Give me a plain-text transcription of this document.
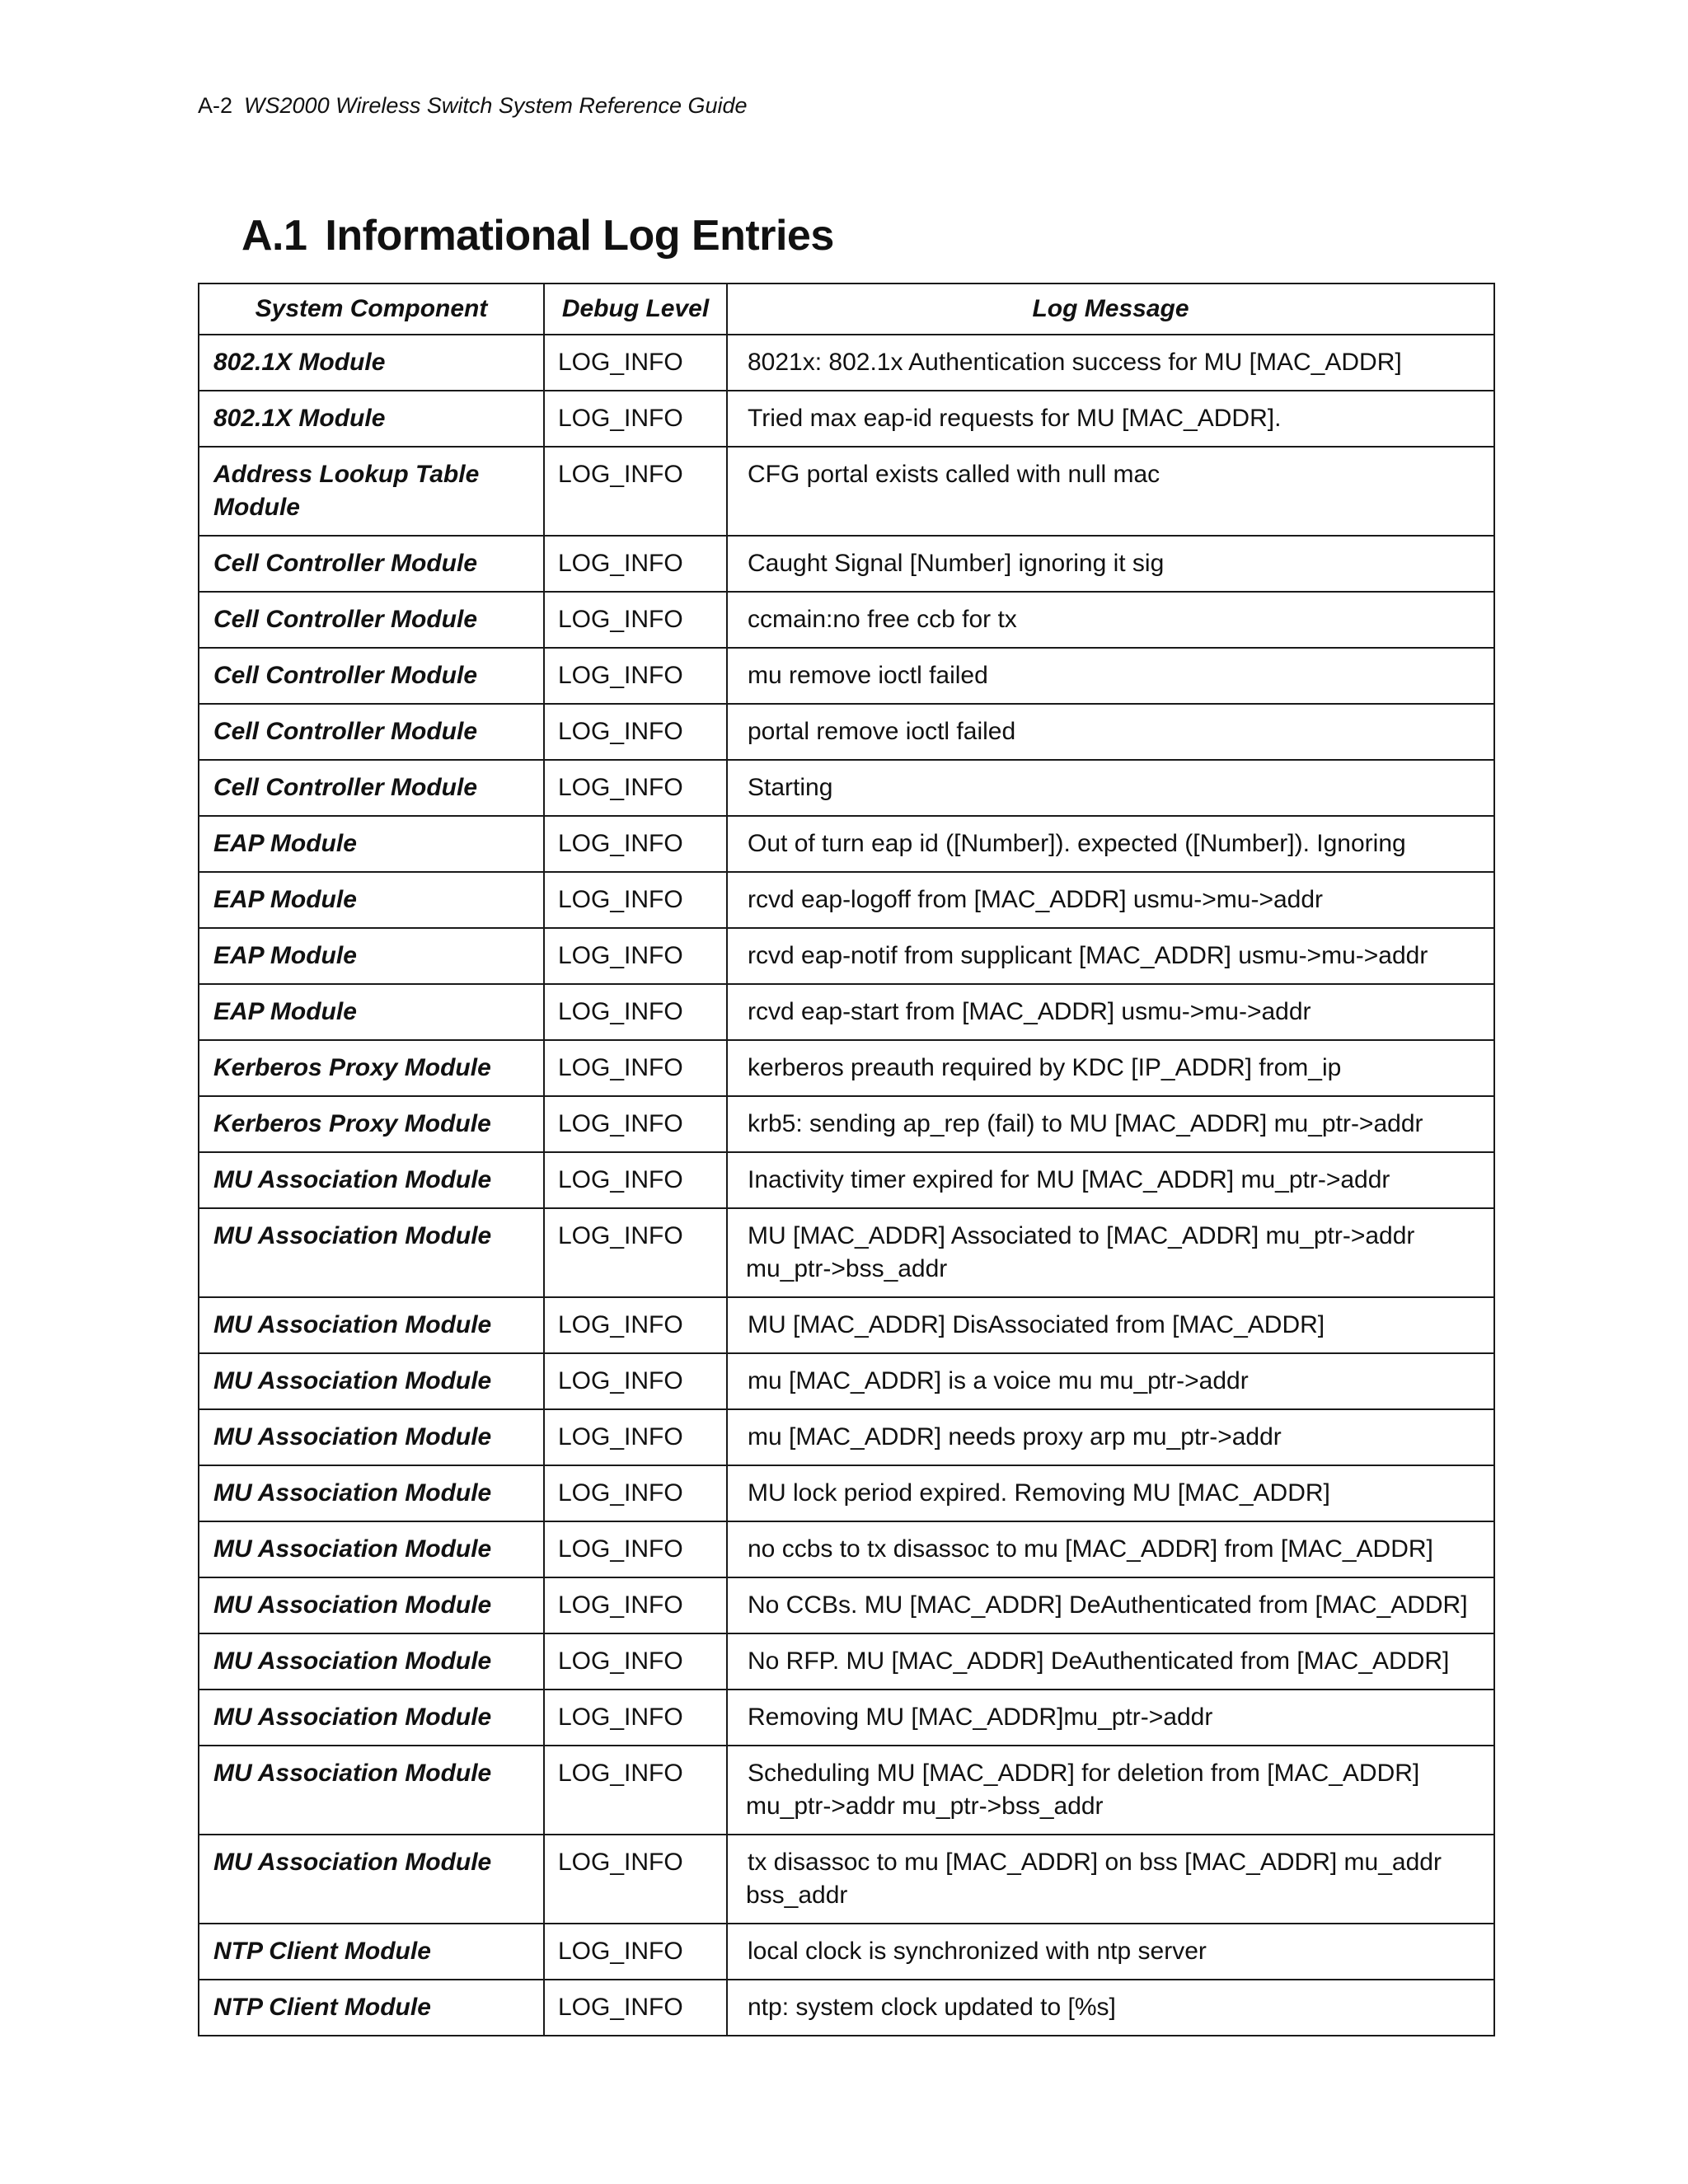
A-2 WS2000 Wireless Switch System Reference Guide
A.1 Informational Log Entries
System Component	Debug Level	Log Message
802.1X Module	LOG_INFO	8021x: 802.1x Authentication success for MU [MAC_ADDR]
802.1X Module	LOG_INFO	Tried max eap-id requests for MU [MAC_ADDR].
Address Lookup Table Module	LOG_INFO	CFG portal exists called with null mac
Cell Controller Module	LOG_INFO	Caught Signal [Number] ignoring it sig
Cell Controller Module	LOG_INFO	ccmain:no free ccb for tx
Cell Controller Module	LOG_INFO	mu remove ioctl failed
Cell Controller Module	LOG_INFO	portal remove ioctl failed
Cell Controller Module	LOG_INFO	Starting
EAP Module	LOG_INFO	Out of turn eap id ([Number]). expected ([Number]). Ignoring
EAP Module	LOG_INFO	rcvd eap-logoff from [MAC_ADDR] usmu->mu->addr
EAP Module	LOG_INFO	rcvd eap-notif from supplicant [MAC_ADDR] usmu->mu->addr
EAP Module	LOG_INFO	rcvd eap-start from [MAC_ADDR] usmu->mu->addr
Kerberos Proxy Module	LOG_INFO	kerberos preauth required by KDC [IP_ADDR] from_ip
Kerberos Proxy Module	LOG_INFO	krb5: sending ap_rep (fail) to MU [MAC_ADDR] mu_ptr->addr
MU Association Module	LOG_INFO	Inactivity timer expired for MU [MAC_ADDR] mu_ptr->addr
MU Association Module	LOG_INFO	MU [MAC_ADDR] Associated to [MAC_ADDR] mu_ptr->addr mu_ptr->bss_addr
MU Association Module	LOG_INFO	MU [MAC_ADDR] DisAssociated from [MAC_ADDR]
MU Association Module	LOG_INFO	mu [MAC_ADDR] is a voice mu mu_ptr->addr
MU Association Module	LOG_INFO	mu [MAC_ADDR] needs proxy arp mu_ptr->addr
MU Association Module	LOG_INFO	MU lock period expired. Removing MU [MAC_ADDR]
MU Association Module	LOG_INFO	no ccbs to tx disassoc to mu [MAC_ADDR] from [MAC_ADDR]
MU Association Module	LOG_INFO	No CCBs. MU [MAC_ADDR] DeAuthenticated from [MAC_ADDR]
MU Association Module	LOG_INFO	No RFP. MU [MAC_ADDR] DeAuthenticated from [MAC_ADDR]
MU Association Module	LOG_INFO	Removing MU [MAC_ADDR]mu_ptr->addr
MU Association Module	LOG_INFO	Scheduling MU [MAC_ADDR] for deletion from [MAC_ADDR] mu_ptr->addr mu_ptr->bss_addr
MU Association Module	LOG_INFO	tx disassoc to mu [MAC_ADDR] on bss [MAC_ADDR] mu_addr bss_addr
NTP Client Module	LOG_INFO	local clock is synchronized with ntp server
NTP Client Module	LOG_INFO	ntp: system clock updated to [%s]
